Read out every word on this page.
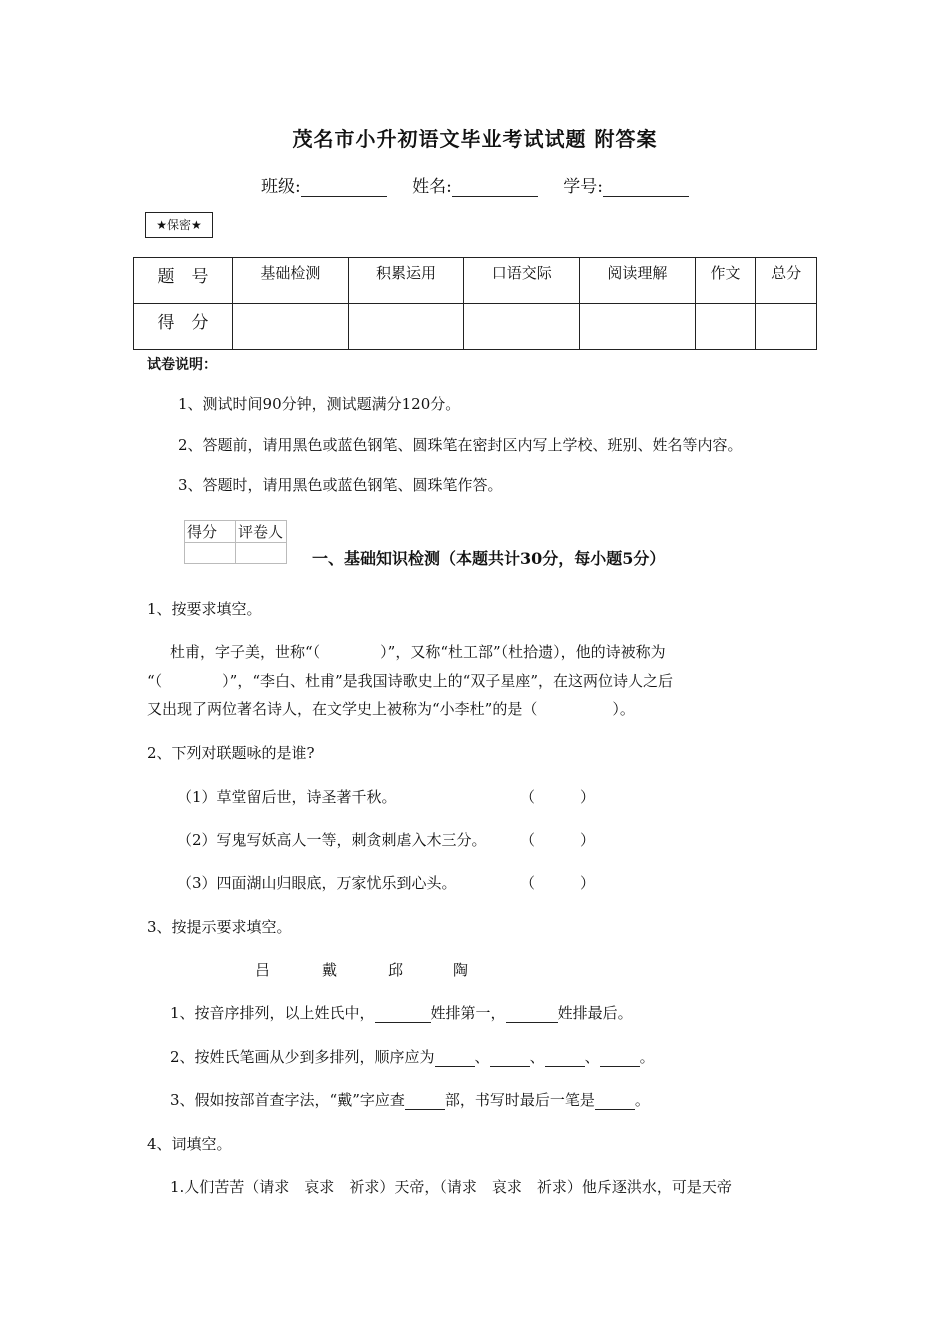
茂名市小升初语文毕业考试试题 附答案
班级:	姓名:	学号:
★保密★
题　号	基础检测	积累运用	口语交际	阅读理解	作文	总分
得　分						
试卷说明：
1、测试时间90分钟，测试题满分120分。
2、答题前，请用黑色或蓝色钢笔、圆珠笔在密封区内写上学校、班别、姓名等内容。
3、答题时，请用黑色或蓝色钢笔、圆珠笔作答。
得分	评卷人

一、基础知识检测（本题共计30分，每小题5分）
1、按要求填空。
杜甫，字子美，世称“（　　　　）”，又称“杜工部”（杜拾遗），他的诗被称为
“（　　　　）”，“李白、杜甫”是我国诗歌史上的“双子星座”，在这两位诗人之后
又出现了两位著名诗人，在文学史上被称为“小李杜”的是（　　　　　）。
2、下列对联题咏的是谁?
（1）草堂留后世，诗圣著千秋。	（　　　）
（2）写鬼写妖高人一等，刺贪刺虐入木三分。 （　　　）
（3）四面湖山归眼底，万家忧乐到心头。	（　　　）
3、按提示要求填空。
吕	戴	邱	陶
1、按音序排列，以上姓氏中，	姓排第一，	姓排最后。
2、按姓氏笔画从少到多排列，顺序应为	、	、	、	。
3、假如按部首查字法，“戴”字应查	部，书写时最后一笔是	。
4、词填空。
1.人们苦苦（请求　哀求　祈求）天帝，（请求　哀求　祈求）他斥逐洪水，可是天帝
